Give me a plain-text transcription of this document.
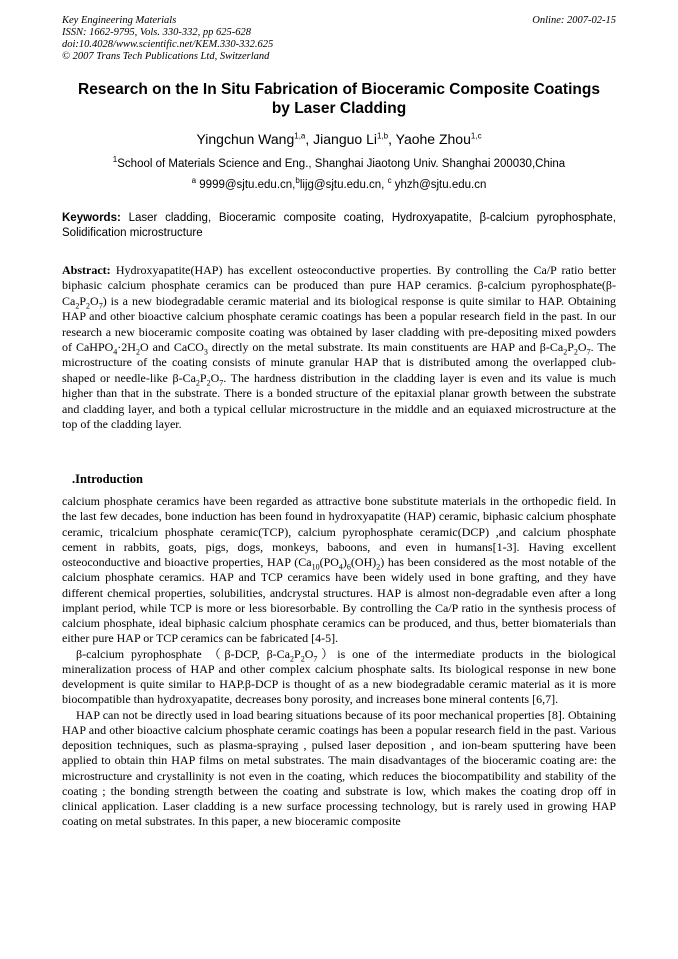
Key Engineering Materials
ISSN: 1662-9795, Vols. 330-332, pp 625-628
doi:10.4028/www.scientific.net/KEM.330-332.625
© 2007 Trans Tech Publications Ltd, Switzerland
Online: 2007-02-15
Research on the In Situ Fabrication of Bioceramic Composite Coatings
by Laser Cladding
Yingchun Wang$^{1,a}$, Jianguo Li$^{1,b}$, Yaohe Zhou$^{1,c}$
$^1$School of Materials Science and Eng., Shanghai Jiaotong Univ. Shanghai 200030,China
$^a$ 9999@sjtu.edu.cn,$^b$lijg@sjtu.edu.cn, $^c$ yhzh@sjtu.edu.cn
Keywords: Laser cladding, Bioceramic composite coating, Hydroxyapatite, β-calcium pyrophosphate, Solidification microstructure
Abstract: Hydroxyapatite(HAP) has excellent osteoconductive properties. By controlling the Ca/P ratio better biphasic calcium phosphate ceramics can be produced than pure HAP ceramics. β-calcium $pyrophosphate(\beta-Ca_2P_2O_7)$ is a new biodegradable ceramic material and its biological response is quite similar to HAP. Obtaining HAP and other bioactive calcium phosphate ceramic coatings has been a popular research field in the past. In our research a new bioceramic composite coating was obtained by laser cladding with pre-depositing mixed powders of $CaHPO_4\cdot 2H_2O$ and CaCO$_3$ directly on the metal substrate. Its main constituents are HAP and $\beta-Ca_2P_2O_7$. The microstructure of the coating consists of minute granular HAP that is distributed among the overlapped club-shaped or needle-like $\beta-Ca_2P_2O_7$. The hardness distribution in the cladding layer is even and its value is much higher than that in the substrate. There is a bonded structure of the epitaxial planar growth between the substrate and cladding layer, and both a typical cellular microstructure in the middle and an equiaxed microstructure at the top of the cladding layer.
.Introduction

calcium phosphate ceramics have been regarded as attractive bone substitute materials in the orthopedic field. In the last few decades, bone induction has been found in hydroxyapatite (HAP) ceramic, biphasic calcium phosphate ceramic, tricalcium phosphate ceramic(TCP), calcium pyrophosphate ceramic(DCP) ,and calcium phosphate cement in rabbits, goats, pigs, dogs, monkeys, baboons, and even in humans[1-3]. Having excellent osteoconductive and bioactive properties, HAP $(Ca_{10}(PO_4)_6(OH)_2)$ has been considered as the most notable of the calcium phosphate ceramics. HAP and TCP ceramics have been widely used in bone grafting, and they have different chemical properties, solubilities, andcrystal structures. HAP is almost non-degradable even after a long implant period, while TCP is more or less bioresorbable. By controlling the Ca/P ratio in the synthesis process of calcium phosphate, ideal biphasic calcium phosphate ceramics can be produced, and thus, better biomaterials than either pure HAP or TCP ceramics can be fabricated [4-5].

β-calcium pyrophosphate （β-DCP, $\beta-Ca_2P_2O_7)is$ one of the intermediate products in the biological mineralization process of HAP and other complex calcium phosphate salts. Its biological response in new bone development is quite similar to HAP.β-DCP is thought of as a new biodegradable ceramic material as it is more biocompatible than hydroxyapatite, decreases bony porosity, and increases bone mineral contents [6,7].

HAP can not be directly used in load bearing situations because of its poor mechanical properties [8]. Obtaining HAP and other bioactive calcium phosphate ceramic coatings has been a popular research field in the past. Various deposition techniques, such as plasma-spraying , pulsed laser deposition , and ion-beam sputtering have been applied to obtain thin HAP films on metal substrates. The main disadvantages of the bioceramic coating are: the microstructure and crystallinity is not even in the coating, which reduces the biocompatibility and stability of the coating ; the bonding strength between the coating and substrate is low, which makes the coating drop off in clinical application. Laser cladding is a new surface processing technology, but is rarely used in growing HAP coating on metal substrates. In this paper, a new bioceramic composite
